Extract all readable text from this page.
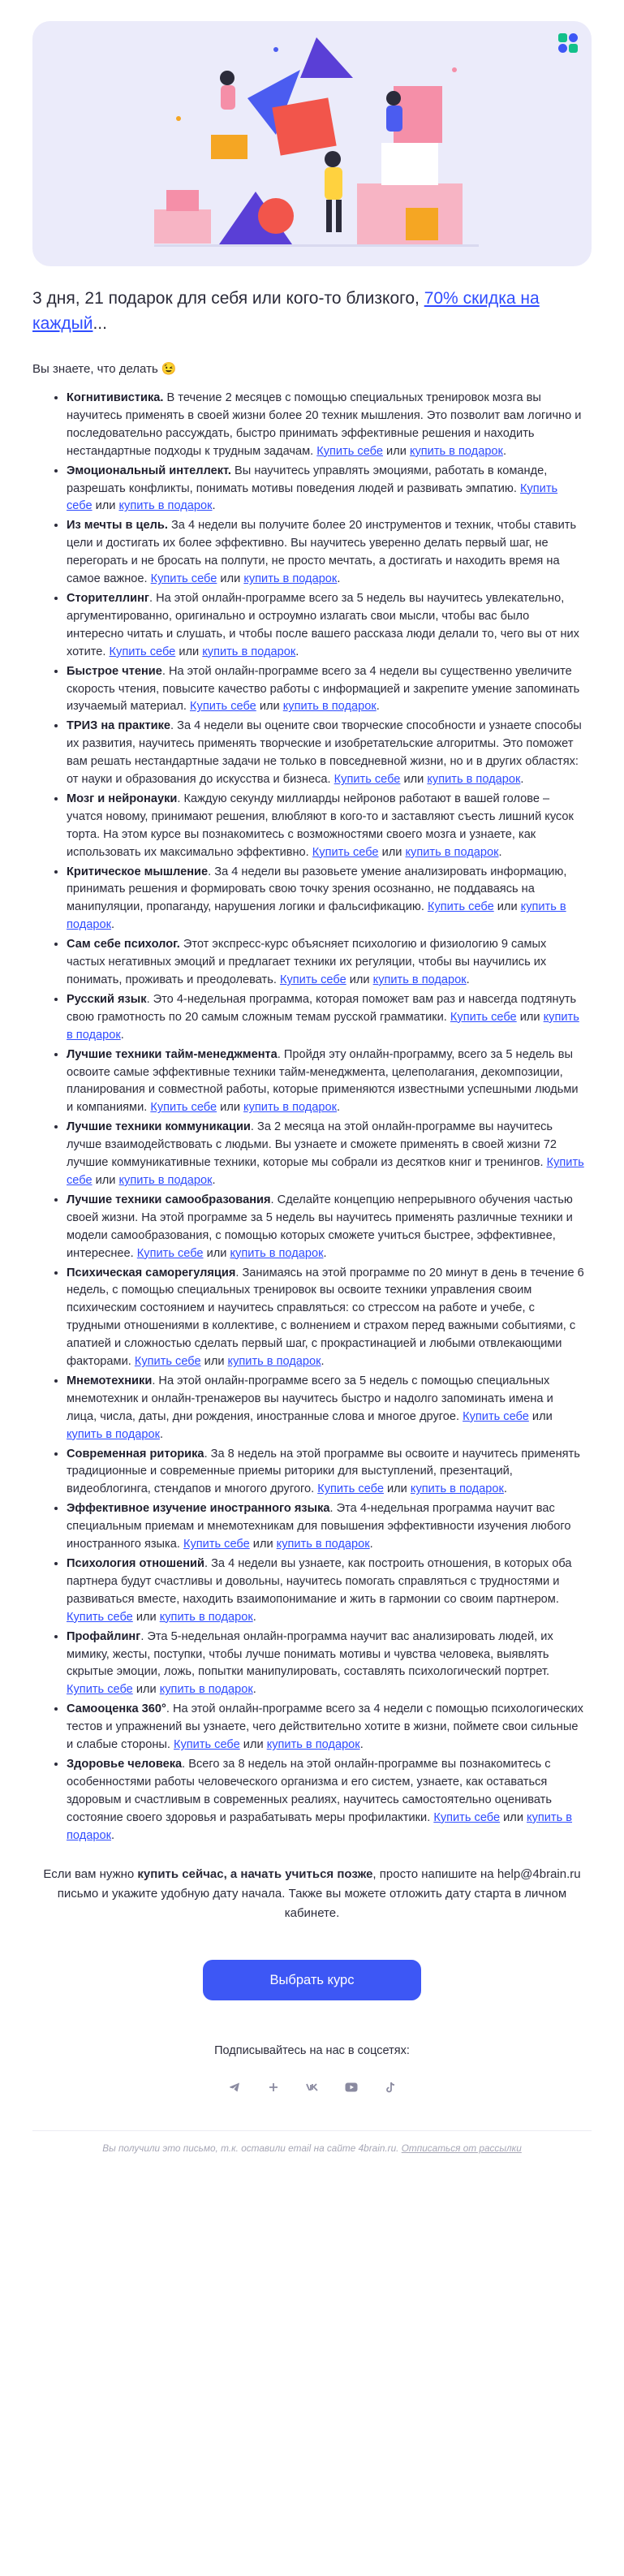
3 дня, 21 подарок для себя или кого-то близкого, 70% скидка на каждый...

Вы знаете, что делать 😉

• Когнитивистика. В течение 2 месяцев с помощью специальных тренировок мозга вы научитесь применять в своей жизни более 20 техник мышления. Это позволит вам логично и последовательно рассуждать, быстро принимать эффективные решения и находить нестандартные подходы к трудным задачам. Купить себе или купить в подарок.
• Эмоциональный интеллект. Вы научитесь управлять эмоциями, работать в команде, разрешать конфликты, понимать мотивы поведения людей и развивать эмпатию. Купить себе или купить в подарок.
• Из мечты в цель. За 4 недели вы получите более 20 инструментов и техник, чтобы ставить цели и достигать их более эффективно. Вы научитесь уверенно делать первый шаг, не перегорать и не бросать на полпути, не просто мечтать, а достигать и находить время на самое важное. Купить себе или купить в подарок.
• Сторителлинг. На этой онлайн-программе всего за 5 недель вы научитесь увлекательно, аргументированно, оригинально и остроумно излагать свои мысли, чтобы вас было интересно читать и слушать, и чтобы после вашего рассказа люди делали то, чего вы от них хотите. Купить себе или купить в подарок.
• Быстрое чтение. На этой онлайн-программе всего за 4 недели вы существенно увеличите скорость чтения, повысите качество работы с информацией и закрепите умение запоминать изучаемый материал. Купить себе или купить в подарок.
• ТРИЗ на практике. За 4 недели вы оцените свои творческие способности и узнаете способы их развития, научитесь применять творческие и изобретательские алгоритмы. Это поможет вам решать нестандартные задачи не только в повседневной жизни, но и в других областях: от науки и образования до искусства и бизнеса. Купить себе или купить в подарок.
• Мозг и нейронауки. Каждую секунду миллиарды нейронов работают в вашей голове – учатся новому, принимают решения, влюбляют в кого-то и заставляют съесть лишний кусок торта. На этом курсе вы познакомитесь с возможностями своего мозга и узнаете, как использовать их максимально эффективно. Купить себе или купить в подарок.
• Критическое мышление. За 4 недели вы разовьете умение анализировать информацию, принимать решения и формировать свою точку зрения осознанно, не поддаваясь на манипуляции, пропаганду, нарушения логики и фальсификацию. Купить себе или купить в подарок.
• Сам себе психолог. Этот экспресс-курс объясняет психологию и физиологию 9 самых частых негативных эмоций и предлагает техники их регуляции, чтобы вы научились их понимать, проживать и преодолевать. Купить себе или купить в подарок.
• Русский язык. Это 4-недельная программа, которая поможет вам раз и навсегда подтянуть свою грамотность по 20 самым сложным темам русской грамматики. Купить себе или купить в подарок.
• Лучшие техники тайм-менеджмента. Пройдя эту онлайн-программу, всего за 5 недель вы освоите самые эффективные техники тайм-менеджмента, целеполагания, декомпозиции, планирования и совместной работы, которые применяются известными успешными людьми и компаниями. Купить себе или купить в подарок.
• Лучшие техники коммуникации. За 2 месяца на этой онлайн-программе вы научитесь лучше взаимодействовать с людьми. Вы узнаете и сможете применять в своей жизни 72 лучшие коммуникативные техники, которые мы собрали из десятков книг и тренингов. Купить себе или купить в подарок.
• Лучшие техники самообразования. Сделайте концепцию непрерывного обучения частью своей жизни. На этой программе за 5 недель вы научитесь применять различные техники и модели самообразования, с помощью которых сможете учиться быстрее, эффективнее, интереснее. Купить себе или купить в подарок.
• Психическая саморегуляция. Занимаясь на этой программе по 20 минут в день в течение 6 недель, с помощью специальных тренировок вы освоите техники управления своим психическим состоянием и научитесь справляться: со стрессом на работе и учебе, с трудными отношениями в коллективе, с волнением и страхом перед важными событиями, с апатией и сложностью сделать первый шаг, с прокрастинацией и любыми отвлекающими факторами. Купить себе или купить в подарок.
• Мнемотехники. На этой онлайн-программе всего за 5 недель с помощью специальных мнемотехник и онлайн-тренажеров вы научитесь быстро и надолго запоминать имена и лица, числа, даты, дни рождения, иностранные слова и многое другое. Купить себе или купить в подарок.
• Современная риторика. За 8 недель на этой программе вы освоите и научитесь применять традиционные и современные приемы риторики для выступлений, презентаций, видеоблогинга, стендапов и многого другого. Купить себе или купить в подарок.
• Эффективное изучение иностранного языка. Эта 4-недельная программа научит вас специальным приемам и мнемотехникам для повышения эффективности изучения любого иностранного языка. Купить себе или купить в подарок.
• Психология отношений. За 4 недели вы узнаете, как построить отношения, в которых оба партнера будут счастливы и довольны, научитесь помогать справляться с трудностями и развиваться вместе, находить взаимопонимание и жить в гармонии со своим партнером. Купить себе или купить в подарок.
• Профайлинг. Эта 5-недельная онлайн-программа научит вас анализировать людей, их мимику, жесты, поступки, чтобы лучше понимать мотивы и чувства человека, выявлять скрытые эмоции, ложь, попытки манипулировать, составлять психологический портрет. Купить себе или купить в подарок.
• Самооценка 360°. На этой онлайн-программе всего за 4 недели с помощью психологических тестов и упражнений вы узнаете, чего действительно хотите в жизни, поймете свои сильные и слабые стороны. Купить себе или купить в подарок.
• Здоровье человека. Всего за 8 недель на этой онлайн-программе вы познакомитесь с особенностями работы человеческого организма и его систем, узнаете, как оставаться здоровым и счастливым в современных реалиях, научитесь самостоятельно оценивать состояние своего здоровья и разрабатывать меры профилактики. Купить себе или купить в подарок.

Если вам нужно купить сейчас, а начать учиться позже, просто напишите на help@4brain.ru письмо и укажите удобную дату начала. Также вы можете отложить дату старта в личном кабинете.

Выбрать курс
Подписывайтесь на нас в соцсетях:
Вы получили это письмо, т.к. оставили email на сайте 4brain.ru. Отписаться от рассылки
